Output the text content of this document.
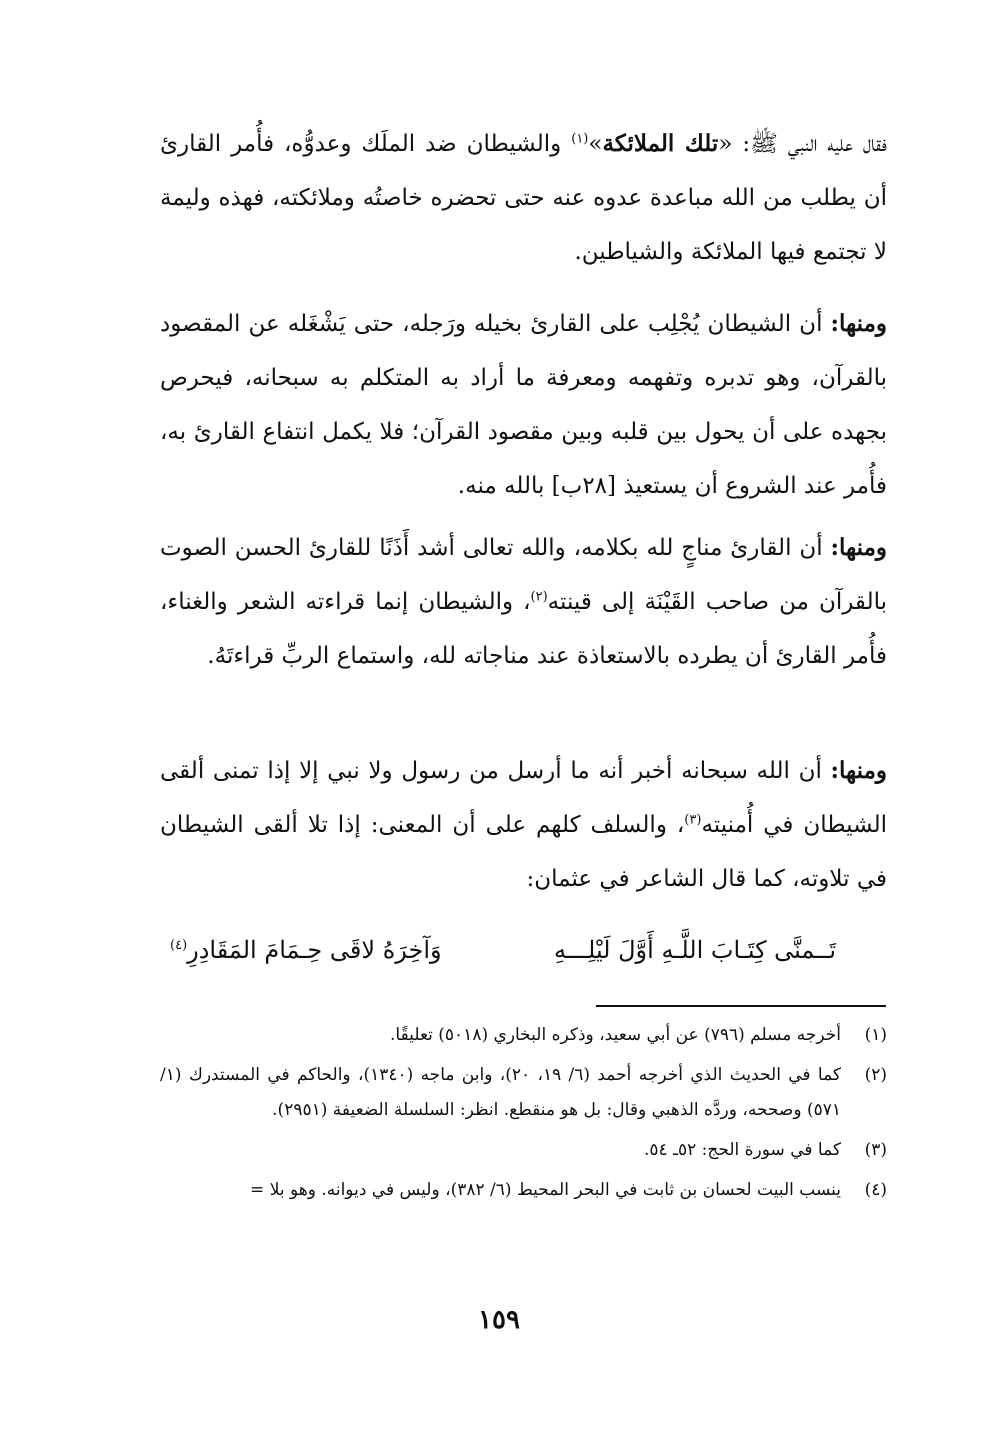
فقال عليه النبي ﷺ: «تلك الملائكة»$^{(١)}$ والشيطان ضد الملَك وعدوُّه، فأُمر القارئ أن يطلب من الله مباعدة عدوه عنه حتى تحضره خاصتُه وملائكته، فهذه وليمة لا تجتمع فيها الملائكة والشياطين.

ومنها: أن الشيطان يُجْلِب على القارئ بخيله ورَجله، حتى يَشْغَله عن المقصود بالقرآن، وهو تدبره وتفهمه ومعرفة ما أراد به المتكلم به سبحانه، فيحرص بجهده على أن يحول بين قلبه وبين مقصود القرآن؛ فلا يكمل انتفاع القارئ به، فأُمر عند الشروع أن يستعيذ [٢٨ب] بالله منه.

ومنها: أن القارئ مناجٍ لله بكلامه، والله تعالى أشد أَذَنًا للقارئ الحسن الصوت بالقرآن من صاحب القَيْنَة إلى قينته$^{(٢)}$، والشيطان إنما قراءته الشعر والغناء، فأُمر القارئ أن يطرده بالاستعاذة عند مناجاته لله، واستماع الربِّ قراءتَهُ.

ومنها: أن الله سبحانه أخبر أنه ما أرسل من رسول ولا نبي إلا إذا تمنى ألقى الشيطان في أُمنيته$^{(٣)}$، والسلف كلهم على أن المعنى: إذا تلا ألقى الشيطان في تلاوته، كما قال الشاعر في عثمان:

تَــمنَّى كِتَـابَ اللَّـهِ أَوَّلَ لَيْلِـــهِ
وَآخِرَهُ لاقَى حِـمَامَ المَقَادِرِ$^{(٤)}$
(١)
أخرجه مسلم (٧٩٦) عن أبي سعيد، وذكره البخاري (٥٠١٨) تعليقًا.
(٢)
كما في الحديث الذي أخرجه أحمد (٦/ ١٩، ٢٠)، وابن ماجه (١٣٤٠)، والحاكم في المستدرك (١/ ٥٧١) وصححه، وردَّه الذهبي وقال: بل هو منقطع. انظر: السلسلة الضعيفة (٢٩٥١).
(٣)
كما في سورة الحج: ٥٢ـ ٥٤.
(٤)
ينسب البيت لحسان بن ثابت في البحر المحيط (٦/ ٣٨٢)، وليس في ديوانه. وهو بلا =
١٥٩
